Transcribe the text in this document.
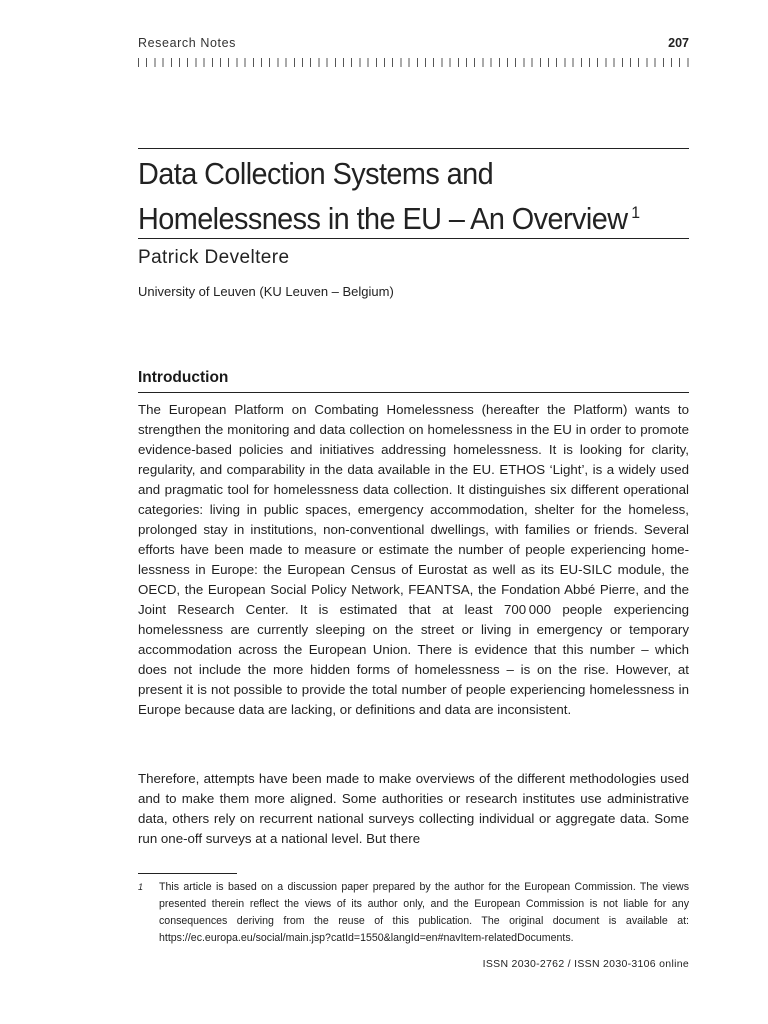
Research Notes	207
Data Collection Systems and
Homelessness in the EU – An Overview $^1$
Patrick Develtere
University of Leuven (KU Leuven – Belgium)
Introduction

The European Platform on Combating Homelessness (hereafter the Platform) wants to strengthen the monitoring and data collection on homelessness in the EU in order to promote evidence-based policies and initiatives addressing homelessness. It is looking for clarity, regularity, and comparability in the data available in the EU. ETHOS ‘Light’, is a widely used and pragmatic tool for homelessness data collection. It distinguishes six different operational categories: living in public spaces, emergency accommodation, shelter for the homeless, prolonged stay in institutions, non-conventional dwellings, with families or friends. Several efforts have been made to measure or estimate the number of people experiencing homelessness in Europe: the European Census of Eurostat as well as its EU-SILC module, the OECD, the European Social Policy Network, FEANTSA, the Fondation Abbé Pierre, and the Joint Research Center. It is estimated that at least 700 000 people experiencing homelessness are currently sleeping on the street or living in emergency or temporary accommodation across the European Union. There is evidence that this number – which does not include the more hidden forms of homelessness – is on the rise. However, at present it is not possible to provide the total number of people experiencing homelessness in Europe because data are lacking, or definitions and data are inconsistent.

Therefore, attempts have been made to make overviews of the different methodologies used and to make them more aligned. Some authorities or research institutes use administrative data, others rely on recurrent national surveys collecting individual or aggregate data. Some run one-off surveys at a national level. But there

1 This article is based on a discussion paper prepared by the author for the European Commission. The views presented therein reflect the views of its author only, and the European Commission is not liable for any consequences deriving from the reuse of this publication. The original document is available at: https://ec.europa.eu/social/main.jsp?catId=1550&langId=en#navItem-relatedDocuments.
ISSN 2030-2762 / ISSN 2030-3106 online
